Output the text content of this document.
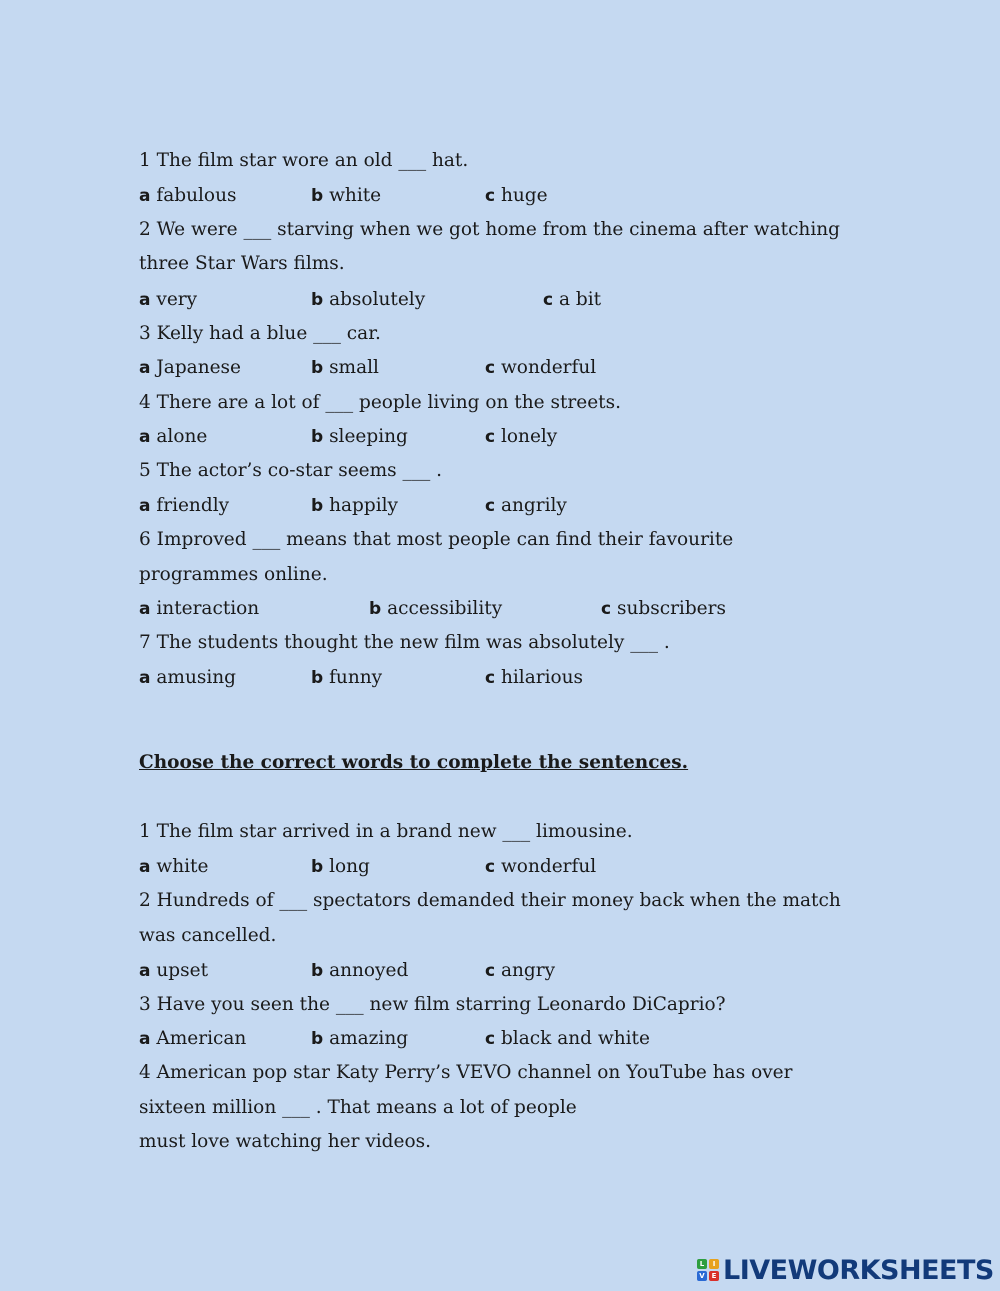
1 The film star wore an old ___ hat.
a fabulous	b white	c huge
2 We were ___ starving when we got home from the cinema after watching
three Star Wars films.
a very	b absolutely	c a bit
3 Kelly had a blue ___ car.
a Japanese	b small	c wonderful
4 There are a lot of ___ people living on the streets.
a alone	b sleeping	c lonely
5 The actor’s co-star seems ___ .
a friendly	b happily	c angrily
6 Improved ___ means that most people can find their favourite
programmes online.
a interaction	b accessibility	c subscribers
7 The students thought the new film was absolutely ___ .
a amusing	b funny	c hilarious
Choose the correct words to complete the sentences.
1 The film star arrived in a brand new ___ limousine.
a white	b long	c wonderful
2 Hundreds of ___ spectators demanded their money back when the match
was cancelled.
a upset	b annoyed	c angry
3 Have you seen the ___ new film starring Leonardo DiCaprio?
a American	b amazing	c black and white
4 American pop star Katy Perry’s VEVO channel on YouTube has over
sixteen million ___ . That means a lot of people
must love watching her videos.
L	I
V E LIVEWORKSHEETS
